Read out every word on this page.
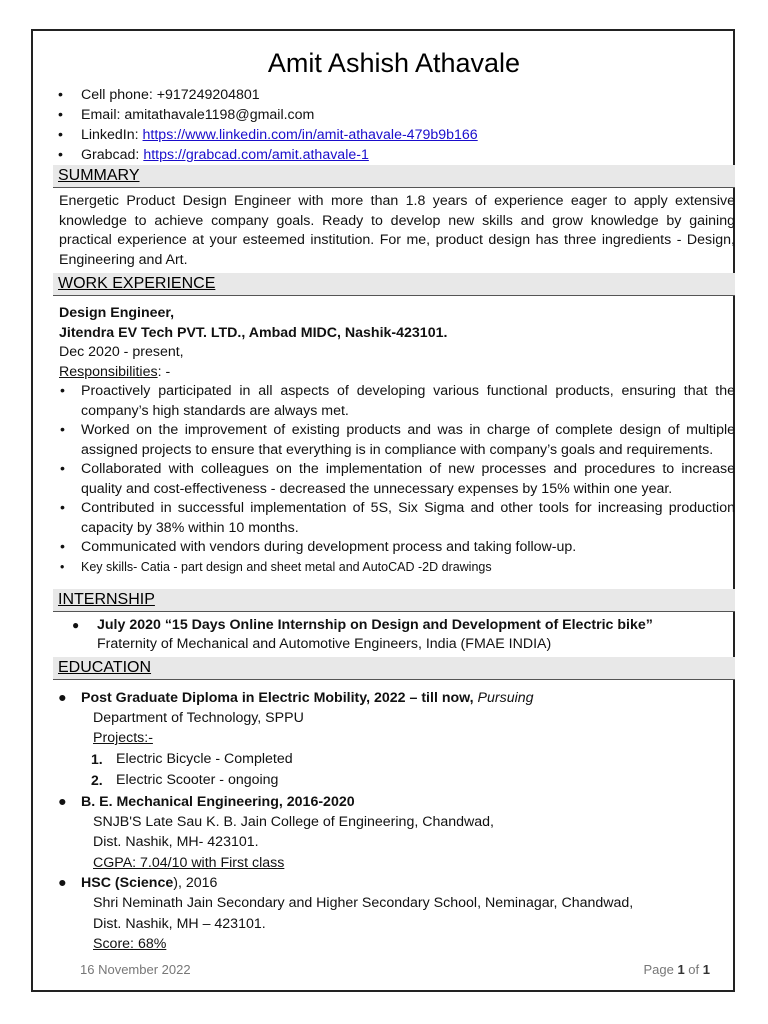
Amit Ashish Athavale
• Cell phone: +917249204801
• Email: amitathavale1198@gmail.com
• LinkedIn: https://www.linkedin.com/in/amit-athavale-479b9b166
• Grabcad: https://grabcad.com/amit.athavale-1
SUMMARY
Energetic Product Design Engineer with more than 1.8 years of experience eager to apply extensive knowledge to achieve company goals. Ready to develop new skills and grow knowledge by gaining practical experience at your esteemed institution. For me, product design has three ingredients - Design, Engineering and Art.
WORK EXPERIENCE
Design Engineer,
Jitendra EV Tech PVT. LTD., Ambad MIDC, Nashik-423101.
Dec 2020 - present,
Responsibilities: -
• Proactively participated in all aspects of developing various functional products, ensuring that the company’s high standards are always met.
• Worked on the improvement of existing products and was in charge of complete design of multiple assigned projects to ensure that everything is in compliance with company’s goals and requirements.
• Collaborated with colleagues on the implementation of new processes and procedures to increase quality and cost-effectiveness - decreased the unnecessary expenses by 15% within one year.
• Contributed in successful implementation of 5S, Six Sigma and other tools for increasing production capacity by 38% within 10 months.
• Communicated with vendors during development process and taking follow-up.
• Key skills- Catia - part design and sheet metal and AutoCAD -2D drawings
INTERNSHIP
● July 2020 “15 Days Online Internship on Design and Development of Electric bike”
Fraternity of Mechanical and Automotive Engineers, India (FMAE INDIA)
EDUCATION
● Post Graduate Diploma in Electric Mobility, 2022 – till now, Pursuing
Department of Technology, SPPU
Projects:-
1. Electric Bicycle - Completed
2. Electric Scooter - ongoing
● B. E. Mechanical Engineering, 2016-2020
SNJB'S Late Sau K. B. Jain College of Engineering, Chandwad,
Dist. Nashik, MH- 423101.
CGPA: 7.04/10 with First class
● HSC (Science), 2016
Shri Neminath Jain Secondary and Higher Secondary School, Neminagar, Chandwad,
Dist. Nashik, MH – 423101.
Score: 68%
16 November 2022	Page 1 of 1
